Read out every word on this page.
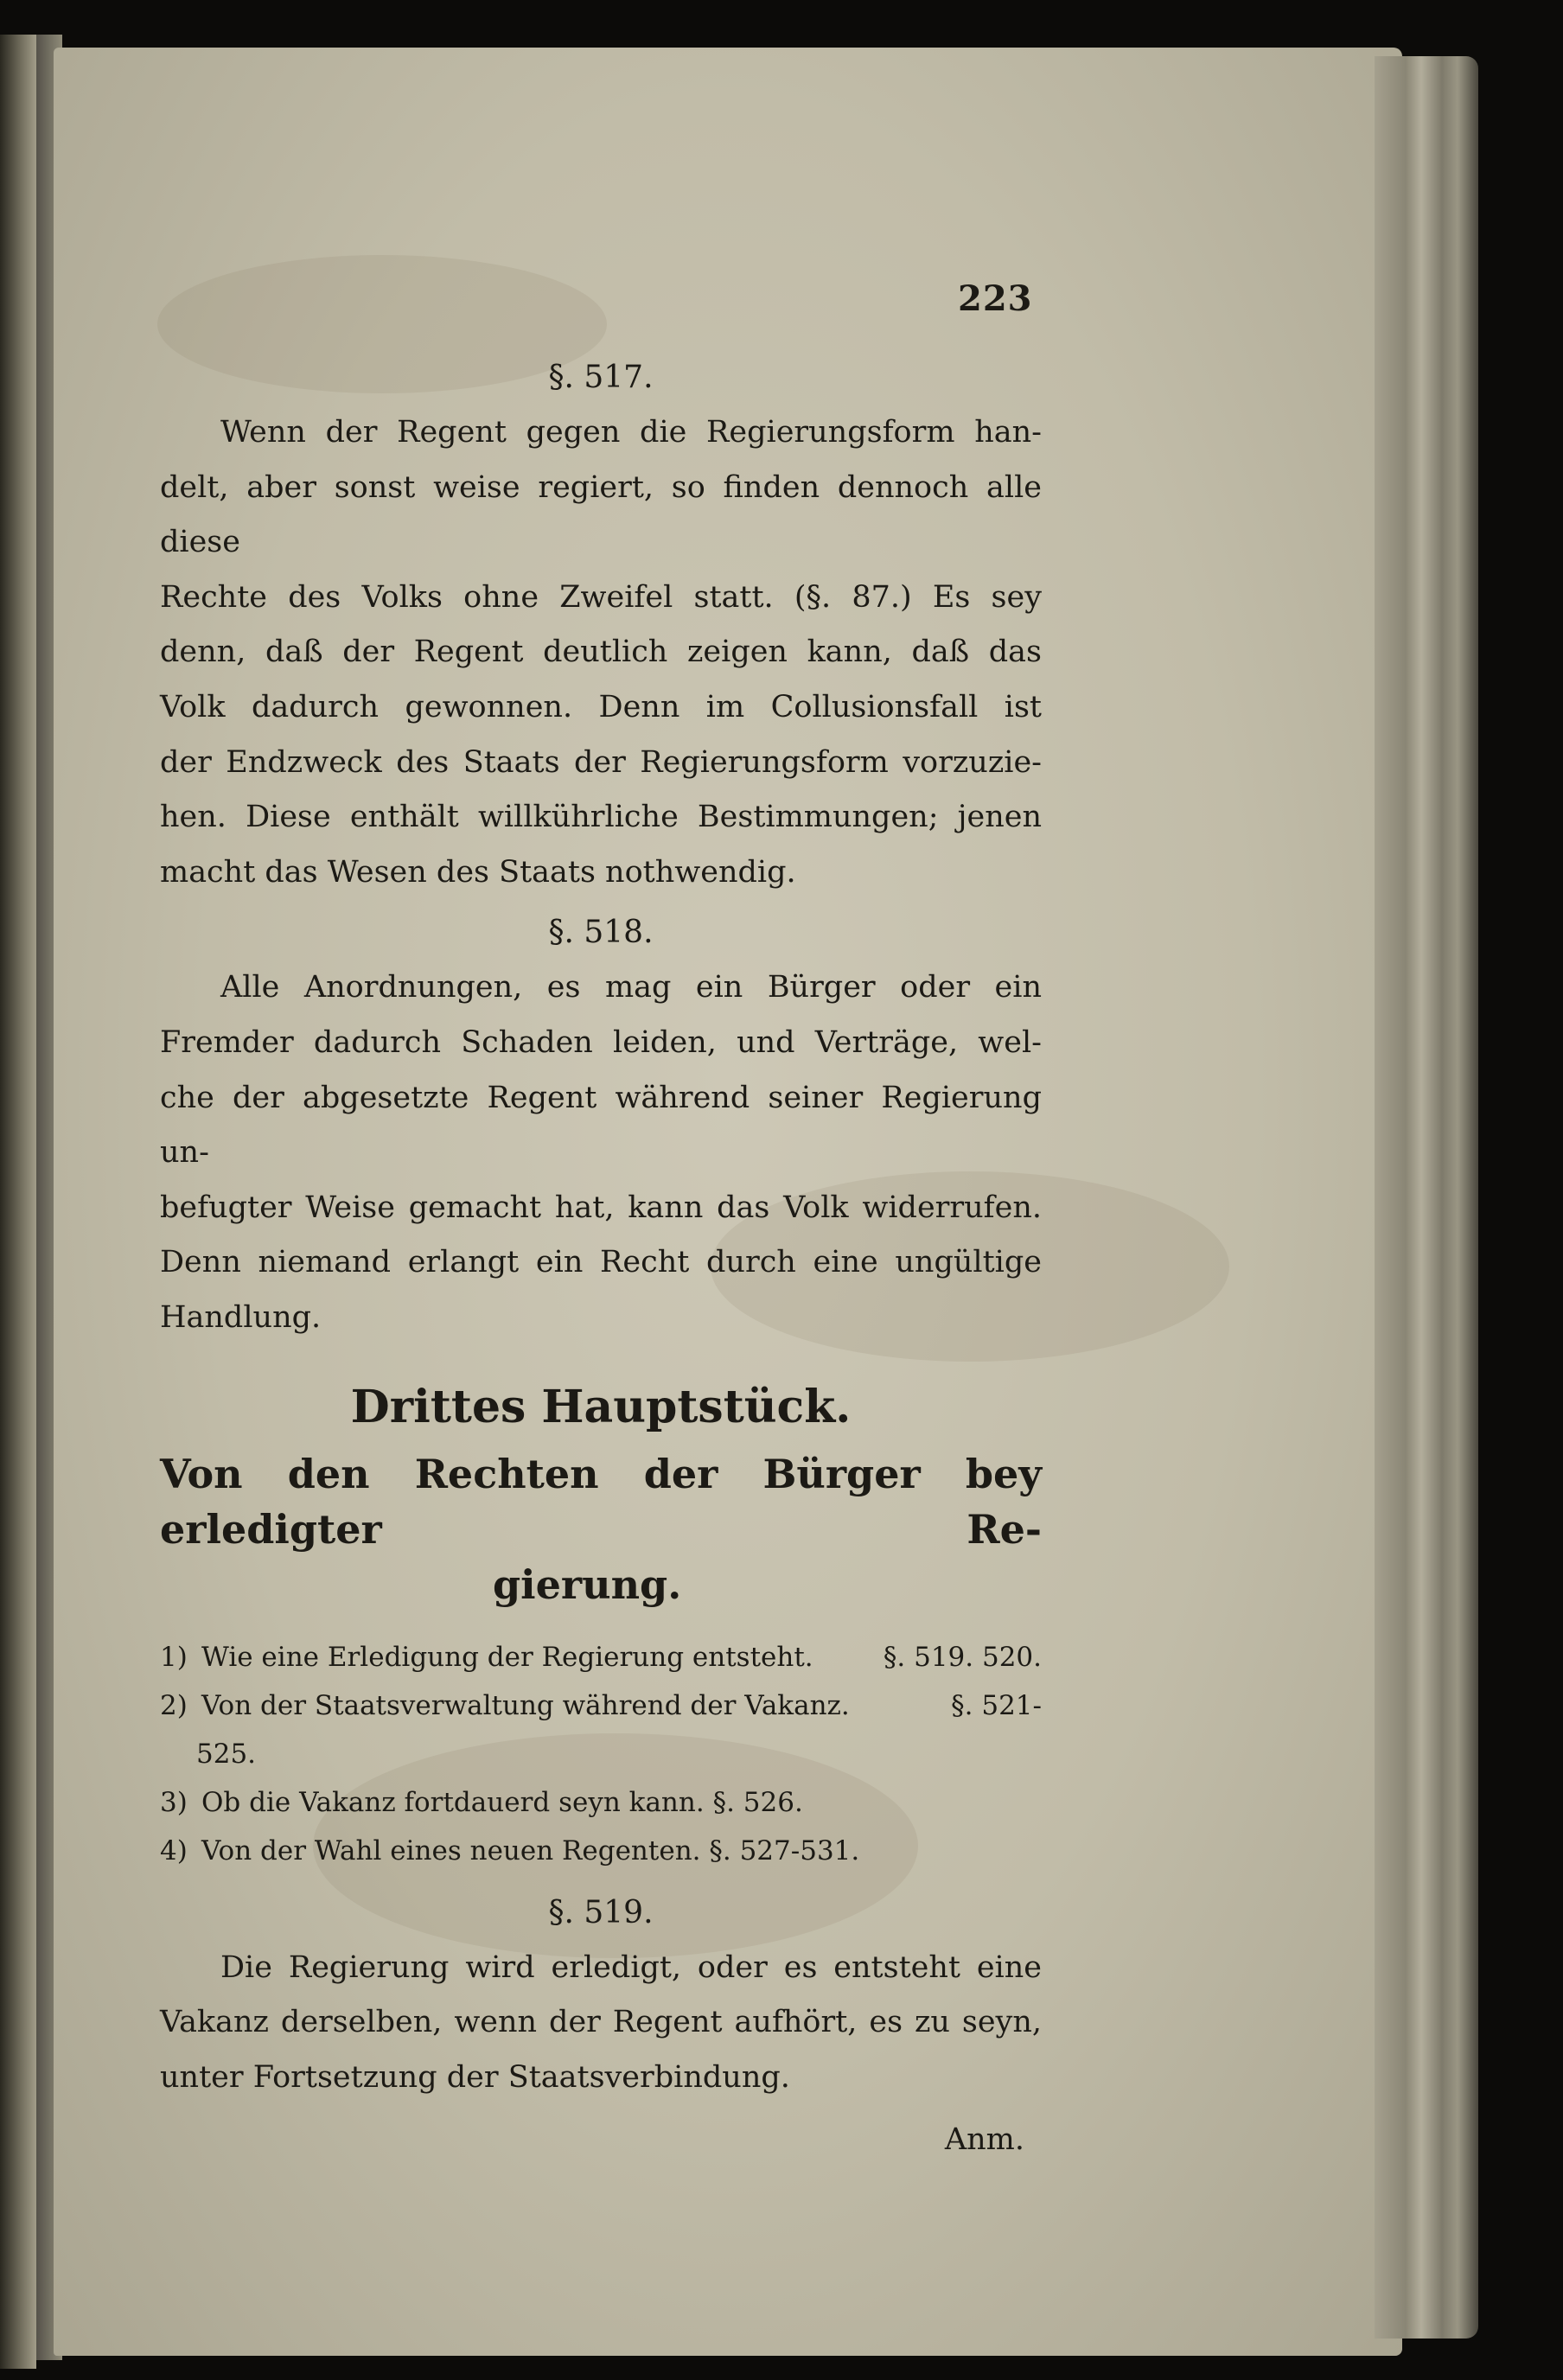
223
§. 517.
Wenn der Regent gegen die Regierungsform han-
delt, aber sonst weise regiert, so finden dennoch alle diese
Rechte des Volks ohne Zweifel statt. (§. 87.) Es sey
denn, daß der Regent deutlich zeigen kann, daß das
Volk dadurch gewonnen. Denn im Collusionsfall ist
der Endzweck des Staats der Regierungsform vorzuzie-
hen. Diese enthält willkührliche Bestimmungen; jenen
macht das Wesen des Staats nothwendig.
§. 518.
Alle Anordnungen, es mag ein Bürger oder ein
Fremder dadurch Schaden leiden, und Verträge, wel-
che der abgesetzte Regent während seiner Regierung un-
befugter Weise gemacht hat, kann das Volk widerrufen.
Denn niemand erlangt ein Recht durch eine ungültige
Handlung.
Drittes Hauptstück.
Von den Rechten der Bürger bey erledigter Re-
gierung.
1) Wie eine Erledigung der Regierung entsteht.	§. 519. 520.
2) Von der Staatsverwaltung während der Vakanz.	§. 521-
525.
3) Ob die Vakanz fortdauerd seyn kann. §. 526.
4) Von der Wahl eines neuen Regenten. §. 527-531.
§. 519.
Die Regierung wird erledigt, oder es entsteht eine
Vakanz derselben, wenn der Regent aufhört, es zu seyn,
unter Fortsetzung der Staatsverbindung.
Anm.
